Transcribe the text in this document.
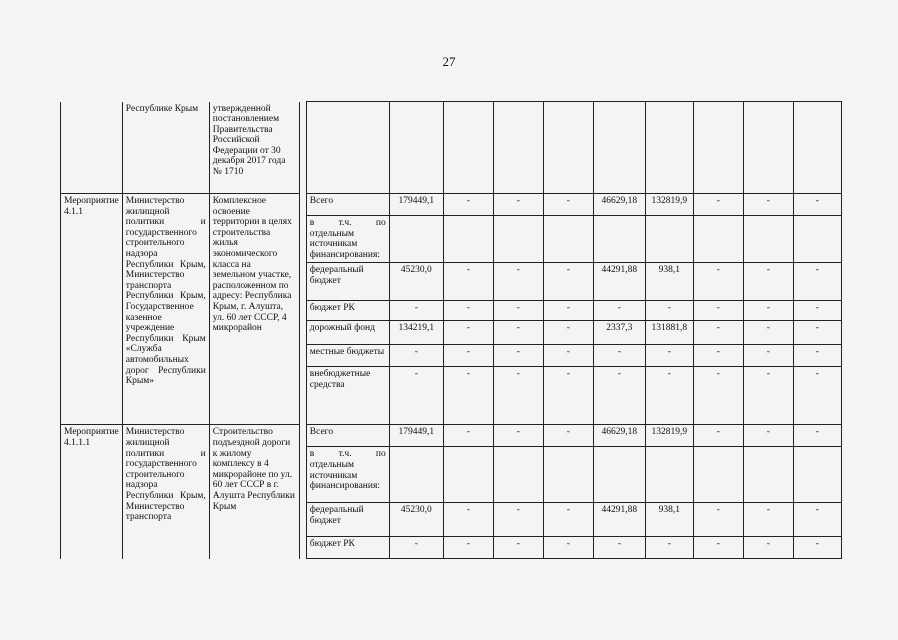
27
	Республике Крым	утвержденной постановлением Правительства Российской Федерации от 30 декабря 2017 года № 1710											
Мероприятие 4.1.1	Министерство жилищной политики и государственного строительного надзора Республики Крым, Министерство транспорта Республики Крым, Государственное казенное учреждение Республики Крым «Служба автомобильных дорог Республики Крым»	Комплексное освоение территории в целях строительства жилья экономического класса на земельном участке, расположенном по адресу: Республика Крым, г. Алушта, ул. 60 лет СССР, 4 микрорайон		Всего	179449,1	-	-	-	46629,18	132819,9	-	-	-
				в т.ч. по отдельным источникам финансирования:									
				федеральный бюджет	45230,0	-	-	-	44291,88	938,1	-	-	-
				бюджет РК	-	-	-	-	-	-	-	-	-
				дорожный фонд	134219,1	-	-	-	2337,3	131881,8	-	-	-
				местные бюджеты	-	-	-	-	-	-	-	-	-
				внебюджетные средства	-	-	-	-	-	-	-	-	-
Мероприятие 4.1.1.1	Министерство жилищной политики и государственного строительного надзора Республики Крым, Министерство транспорта	Строительство подъездной дороги к жилому комплексу в 4 микрорайоне по ул. 60 лет СССР в г. Алушта Республики Крым		Всего	179449,1	-	-	-	46629,18	132819,9	-	-	-
				в т.ч. по отдельным источникам финансирования:									
				федеральный бюджет	45230,0	-	-	-	44291,88	938,1	-	-	-
				бюджет РК	-	-	-	-	-	-	-	-	-
